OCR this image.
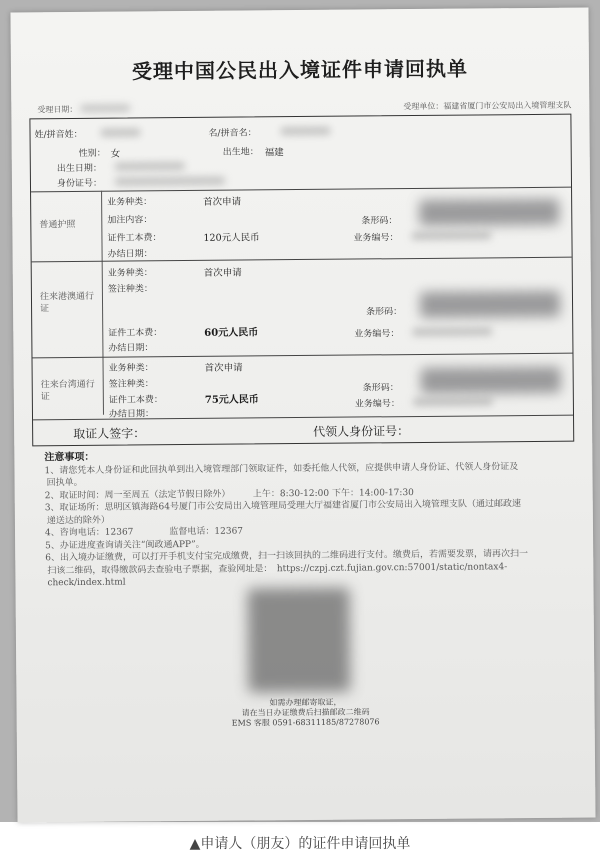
受理中国公民出入境证件申请回执单
受理日期：	受理单位：福建省厦门市公安局出入境管理支队
姓/拼音姓：	名/拼音名：
性别： 女	出生地： 福建
出生日期：
身份证号：
普通护照
业务种类：	首次申请
加注内容：	条形码：
证件工本费：	120元人民币	业务编号：
办结日期：
往来港澳通行证
业务种类：	首次申请
签注种类：
条形码：
证件工本费：	60元人民币	业务编号：
办结日期：
往来台湾通行证
业务种类：	首次申请
签注种类：	条形码：
证件工本费：	75元人民币	业务编号：
办结日期：
取证人签字：	代领人身份证号：
注意事项：
1、请您凭本人身份证和此回执单到出入境管理部门领取证件，如委托他人代领，应提供申请人身份证、代领人身份证及
回执单。
2、取证时间：周一至周五（法定节假日除外）　　　上午：8:30-12:00 下午：14:00-17:30
3、取证场所：思明区镇海路64号厦门市公安局出入境管理局受理大厅福建省厦门市公安局出入境管理支队（通过邮政速
递送达的除外）
4、咨询电话：12367　　　　监督电话：12367
5、办证进度查询请关注“闽政通APP”。
6、出入境办证缴费，可以打开手机支付宝完成缴费，扫一扫该回执的二维码进行支付。缴费后，若需要发票，请再次扫一
扫该二维码，取得缴款码去查验电子票据，查验网址是：　https://czpj.czt.fujian.gov.cn:57001/static/nontax4-
check/index.html
如需办理邮寄取证，
请在当日办证缴费后扫描邮政二维码
EMS 客服 0591-68311185/87278076
▲申请人（朋友）的证件申请回执单
